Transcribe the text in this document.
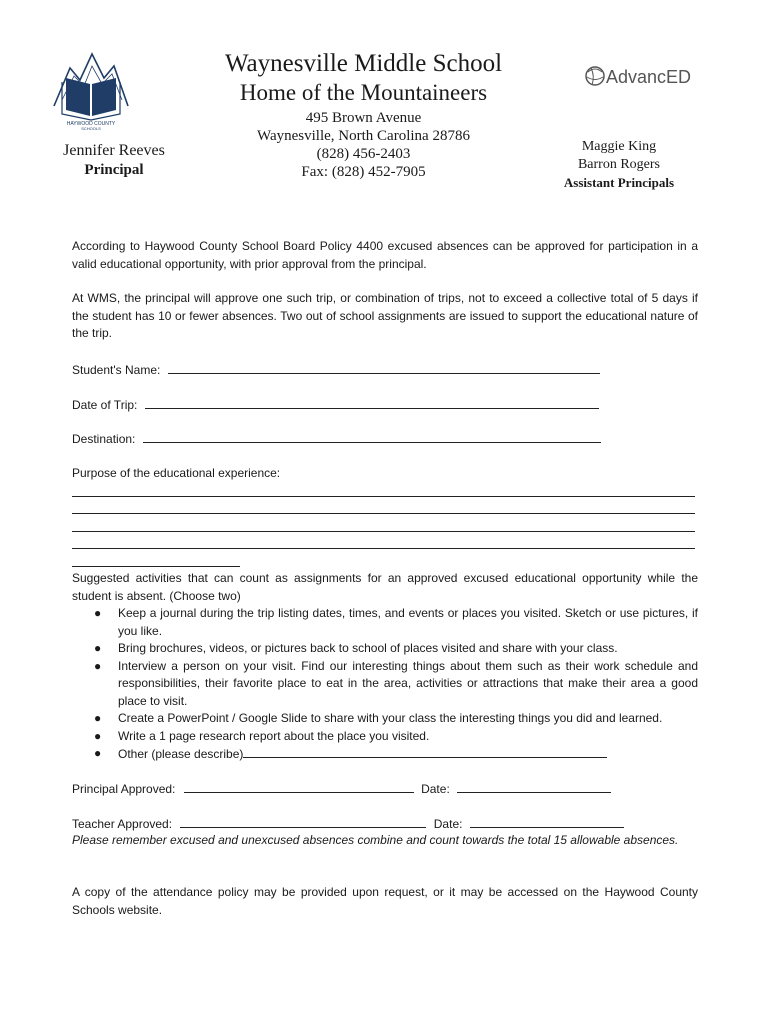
HAYWOOD COUNTY
SCHOOLS
Waynesville Middle School
Home of the Mountaineers
495 Brown Avenue
Waynesville, North Carolina 28786
(828) 456-2403
Fax: (828) 452-7905
Jennifer Reeves
Principal
AdvancED
Maggie King
Barron Rogers
Assistant Principals
According to Haywood County School Board Policy 4400 excused absences can be approved for participation in a valid educational opportunity, with prior approval from the principal.
At WMS, the principal will approve one such trip, or combination of trips, not to exceed a collective total of 5 days if the student has 10 or fewer absences. Two out of school assignments are issued to support the educational nature of the trip.
Student's Name:
Date of Trip:
Destination:
Purpose of the educational experience:
Suggested activities that can count as assignments for an approved excused educational opportunity while the student is absent. (Choose two)
● Keep a journal during the trip listing dates, times, and events or places you visited. Sketch or use pictures, if you like.
● Bring brochures, videos, or pictures back to school of places visited and share with your class.
● Interview a person on your visit. Find our interesting things about them such as their work schedule and responsibilities, their favorite place to eat in the area, activities or attractions that make their area a good place to visit.
● Create a PowerPoint / Google Slide to share with your class the interesting things you did and learned.
● Write a 1 page research report about the place you visited.
● Other (please describe)
Principal Approved:	Date:
Teacher Approved:	Date:
Please remember excused and unexcused absences combine and count towards the total 15 allowable absences.
A copy of the attendance policy may be provided upon request, or it may be accessed on the Haywood County Schools website.
